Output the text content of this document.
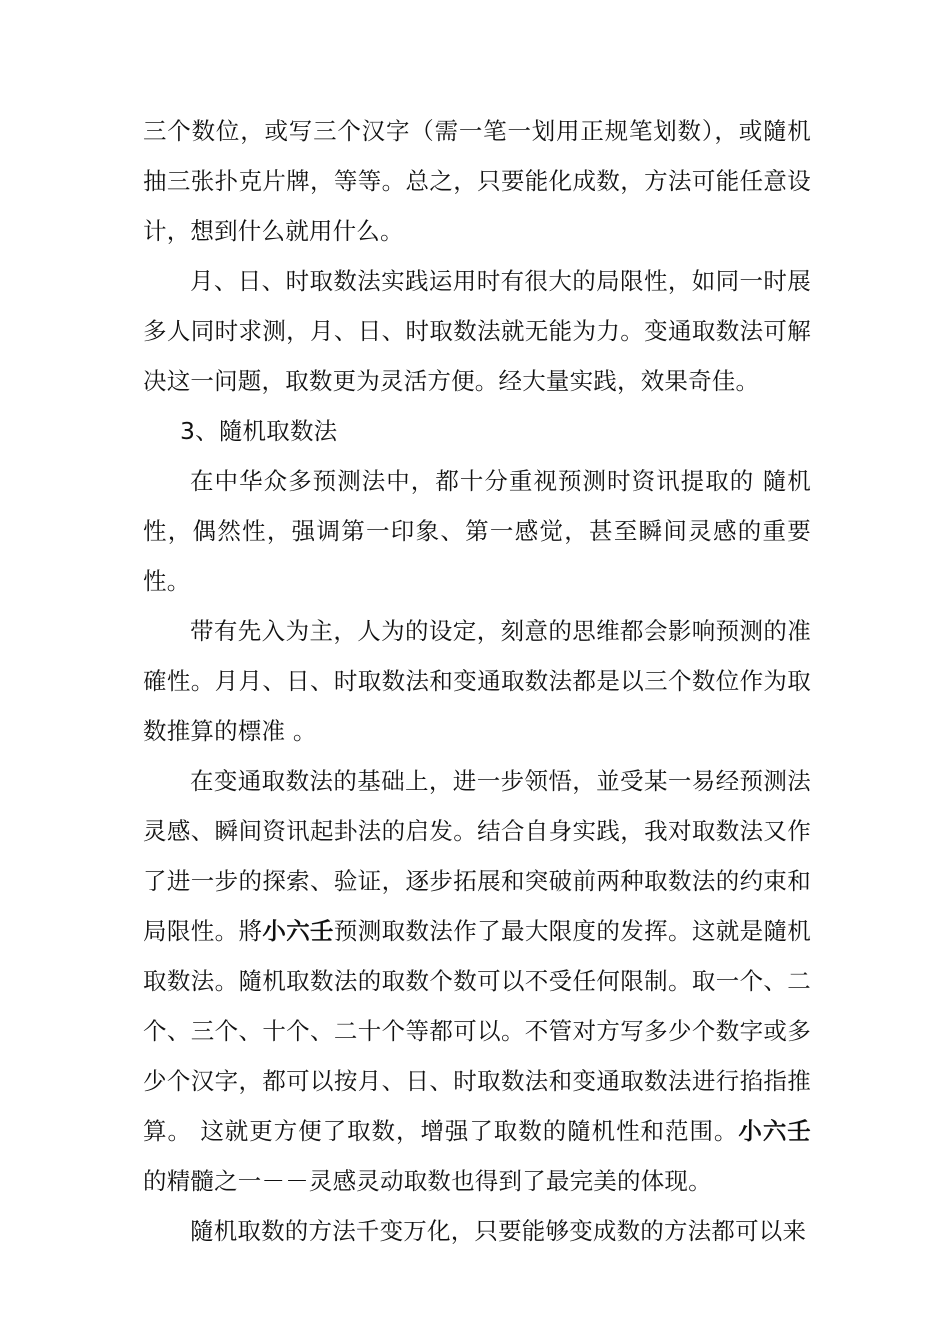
三个数位，或写三个汉字（需一笔一划用正规笔划数），或隨机抽三张扑克片牌，等等。总之，只要能化成数，方法可能任意设计，想到什么就用什么。

月、日、时取数法实践运用时有很大的局限性，如同一时展多人同时求测，月、日、时取数法就无能为力。变通取数法可解决这一问题，取数更为灵活方便。经大量实践，效果奇佳。

3、隨机取数法

在中华众多预测法中，都十分重视预测时资讯提取的 隨机性，偶然性，强调第一印象、第一感觉，甚至瞬间灵感的重要性。

带有先入为主，人为的设定，刻意的思维都会影响预测的准確性。月月、日、时取数法和变通取数法都是以三个数位作为取数推算的標准 。

在变通取数法的基础上，进一步领悟，並受某一易经预测法灵感、瞬间资讯起卦法的启发。结合自身实践，我对取数法又作了进一步的探索、验证，逐步拓展和突破前两种取数法的约束和局限性。將小六壬预测取数法作了最大限度的发挥。这就是隨机取数法。隨机取数法的取数个数可以不受任何限制。取一个、二个、三个、十个、二十个等都可以。不管对方写多少个数字或多少个汉字，都可以按月、日、时取数法和变通取数法进行掐指推算。 这就更方便了取数，增强了取数的隨机性和范围。小六壬的精髓之一－－灵感灵动取数也得到了最完美的体现。

隨机取数的方法千变万化，只要能够变成数的方法都可以来
